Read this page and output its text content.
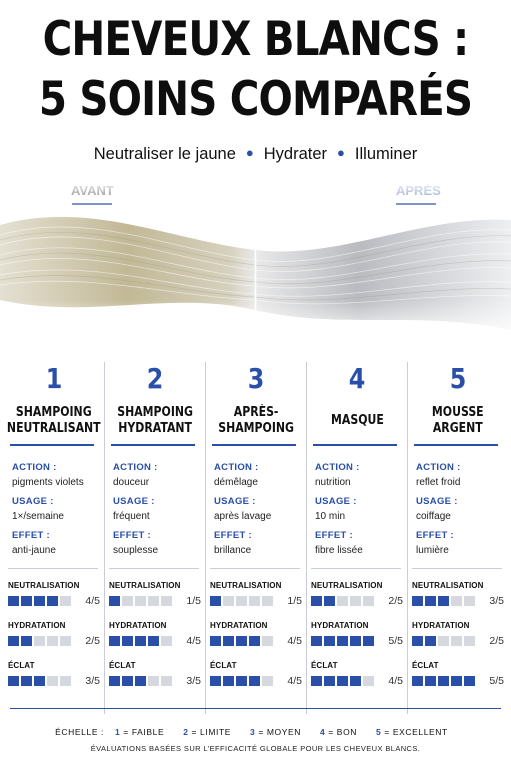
CHEVEUX BLANCS :
5 SOINS COMPARÉS
Neutraliser le jaune ● Hydrater ● Illuminer
1
SHAMPOING
NEUTRALISANT
ACTION :
pigments violets
USAGE :
1×/semaine
EFFET :
anti-jaune
NEUTRALISATION
4/5
HYDRATATION
2/5
ÉCLAT
3/5
2
SHAMPOING
HYDRATANT
ACTION :
douceur
USAGE :
fréquent
EFFET :
souplesse
NEUTRALISATION
1/5
HYDRATATION
4/5
ÉCLAT
3/5
3
APRÈS-
SHAMPOING
ACTION :
démêlage
USAGE :
après lavage
EFFET :
brillance
NEUTRALISATION
1/5
HYDRATATION
4/5
ÉCLAT
4/5
4
MASQUE
ACTION :
nutrition
USAGE :
10 min
EFFET :
fibre lissée
NEUTRALISATION
2/5
HYDRATATION
5/5
ÉCLAT
4/5
5
MOUSSE
ARGENT
ACTION :
reflet froid
USAGE :
coiffage
EFFET :
lumière
NEUTRALISATION
3/5
HYDRATATION
2/5
ÉCLAT
5/5
ÉCHELLE : 1 = FAIBLE 2 = LIMITE 3 = MOYEN 4 = BON 5 = EXCELLENT
ÉVALUATIONS BASÉES SUR L’EFFICACITÉ GLOBALE POUR LES CHEVEUX BLANCS.
